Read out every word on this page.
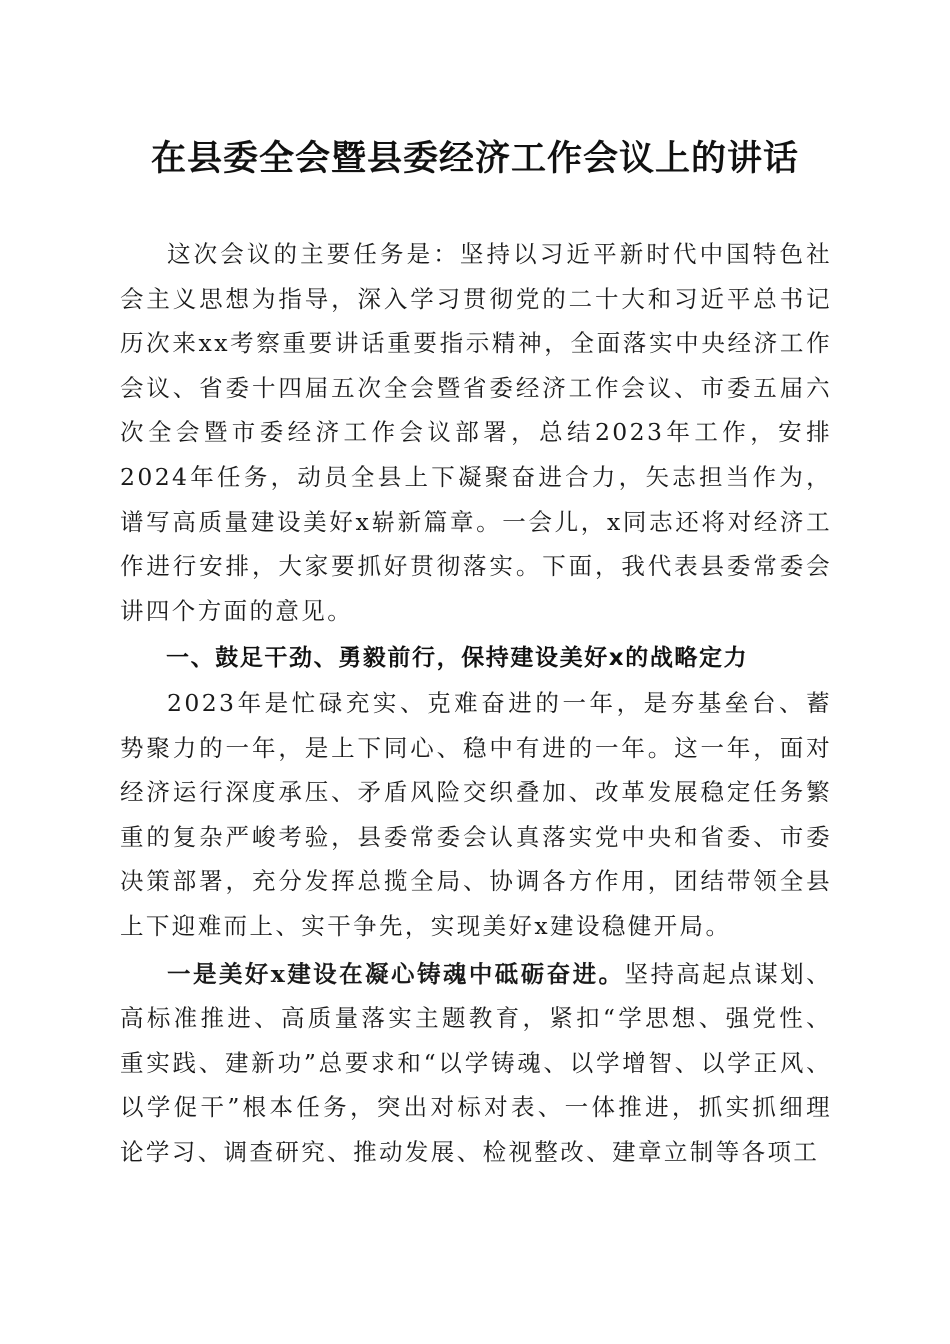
在县委全会暨县委经济工作会议上的讲话

这次会议的主要任务是：坚持以习近平新时代中国特色社会主义思想为指导，深入学习贯彻党的二十大和习近平总书记历次来xx考察重要讲话重要指示精神，全面落实中央经济工作会议、省委十四届五次全会暨省委经济工作会议、市委五届六次全会暨市委经济工作会议部署，总结2023年工作，安排2024年任务，动员全县上下凝聚奋进合力，矢志担当作为，谱写高质量建设美好x崭新篇章。一会儿，x同志还将对经济工作进行安排，大家要抓好贯彻落实。下面，我代表县委常委会讲四个方面的意见。

一、鼓足干劲、勇毅前行，保持建设美好x的战略定力

2023年是忙碌充实、克难奋进的一年，是夯基垒台、蓄势聚力的一年，是上下同心、稳中有进的一年。这一年，面对经济运行深度承压、矛盾风险交织叠加、改革发展稳定任务繁重的复杂严峻考验，县委常委会认真落实党中央和省委、市委决策部署，充分发挥总揽全局、协调各方作用，团结带领全县上下迎难而上、实干争先，实现美好x建设稳健开局。

一是美好x建设在凝心铸魂中砥砺奋进。坚持高起点谋划、高标准推进、高质量落实主题教育，紧扣“学思想、强党性、重实践、建新功”总要求和“以学铸魂、以学增智、以学正风、以学促干”根本任务，突出对标对表、一体推进，抓实抓细理论学习、调查研究、推动发展、检视整改、建章立制等各项工
